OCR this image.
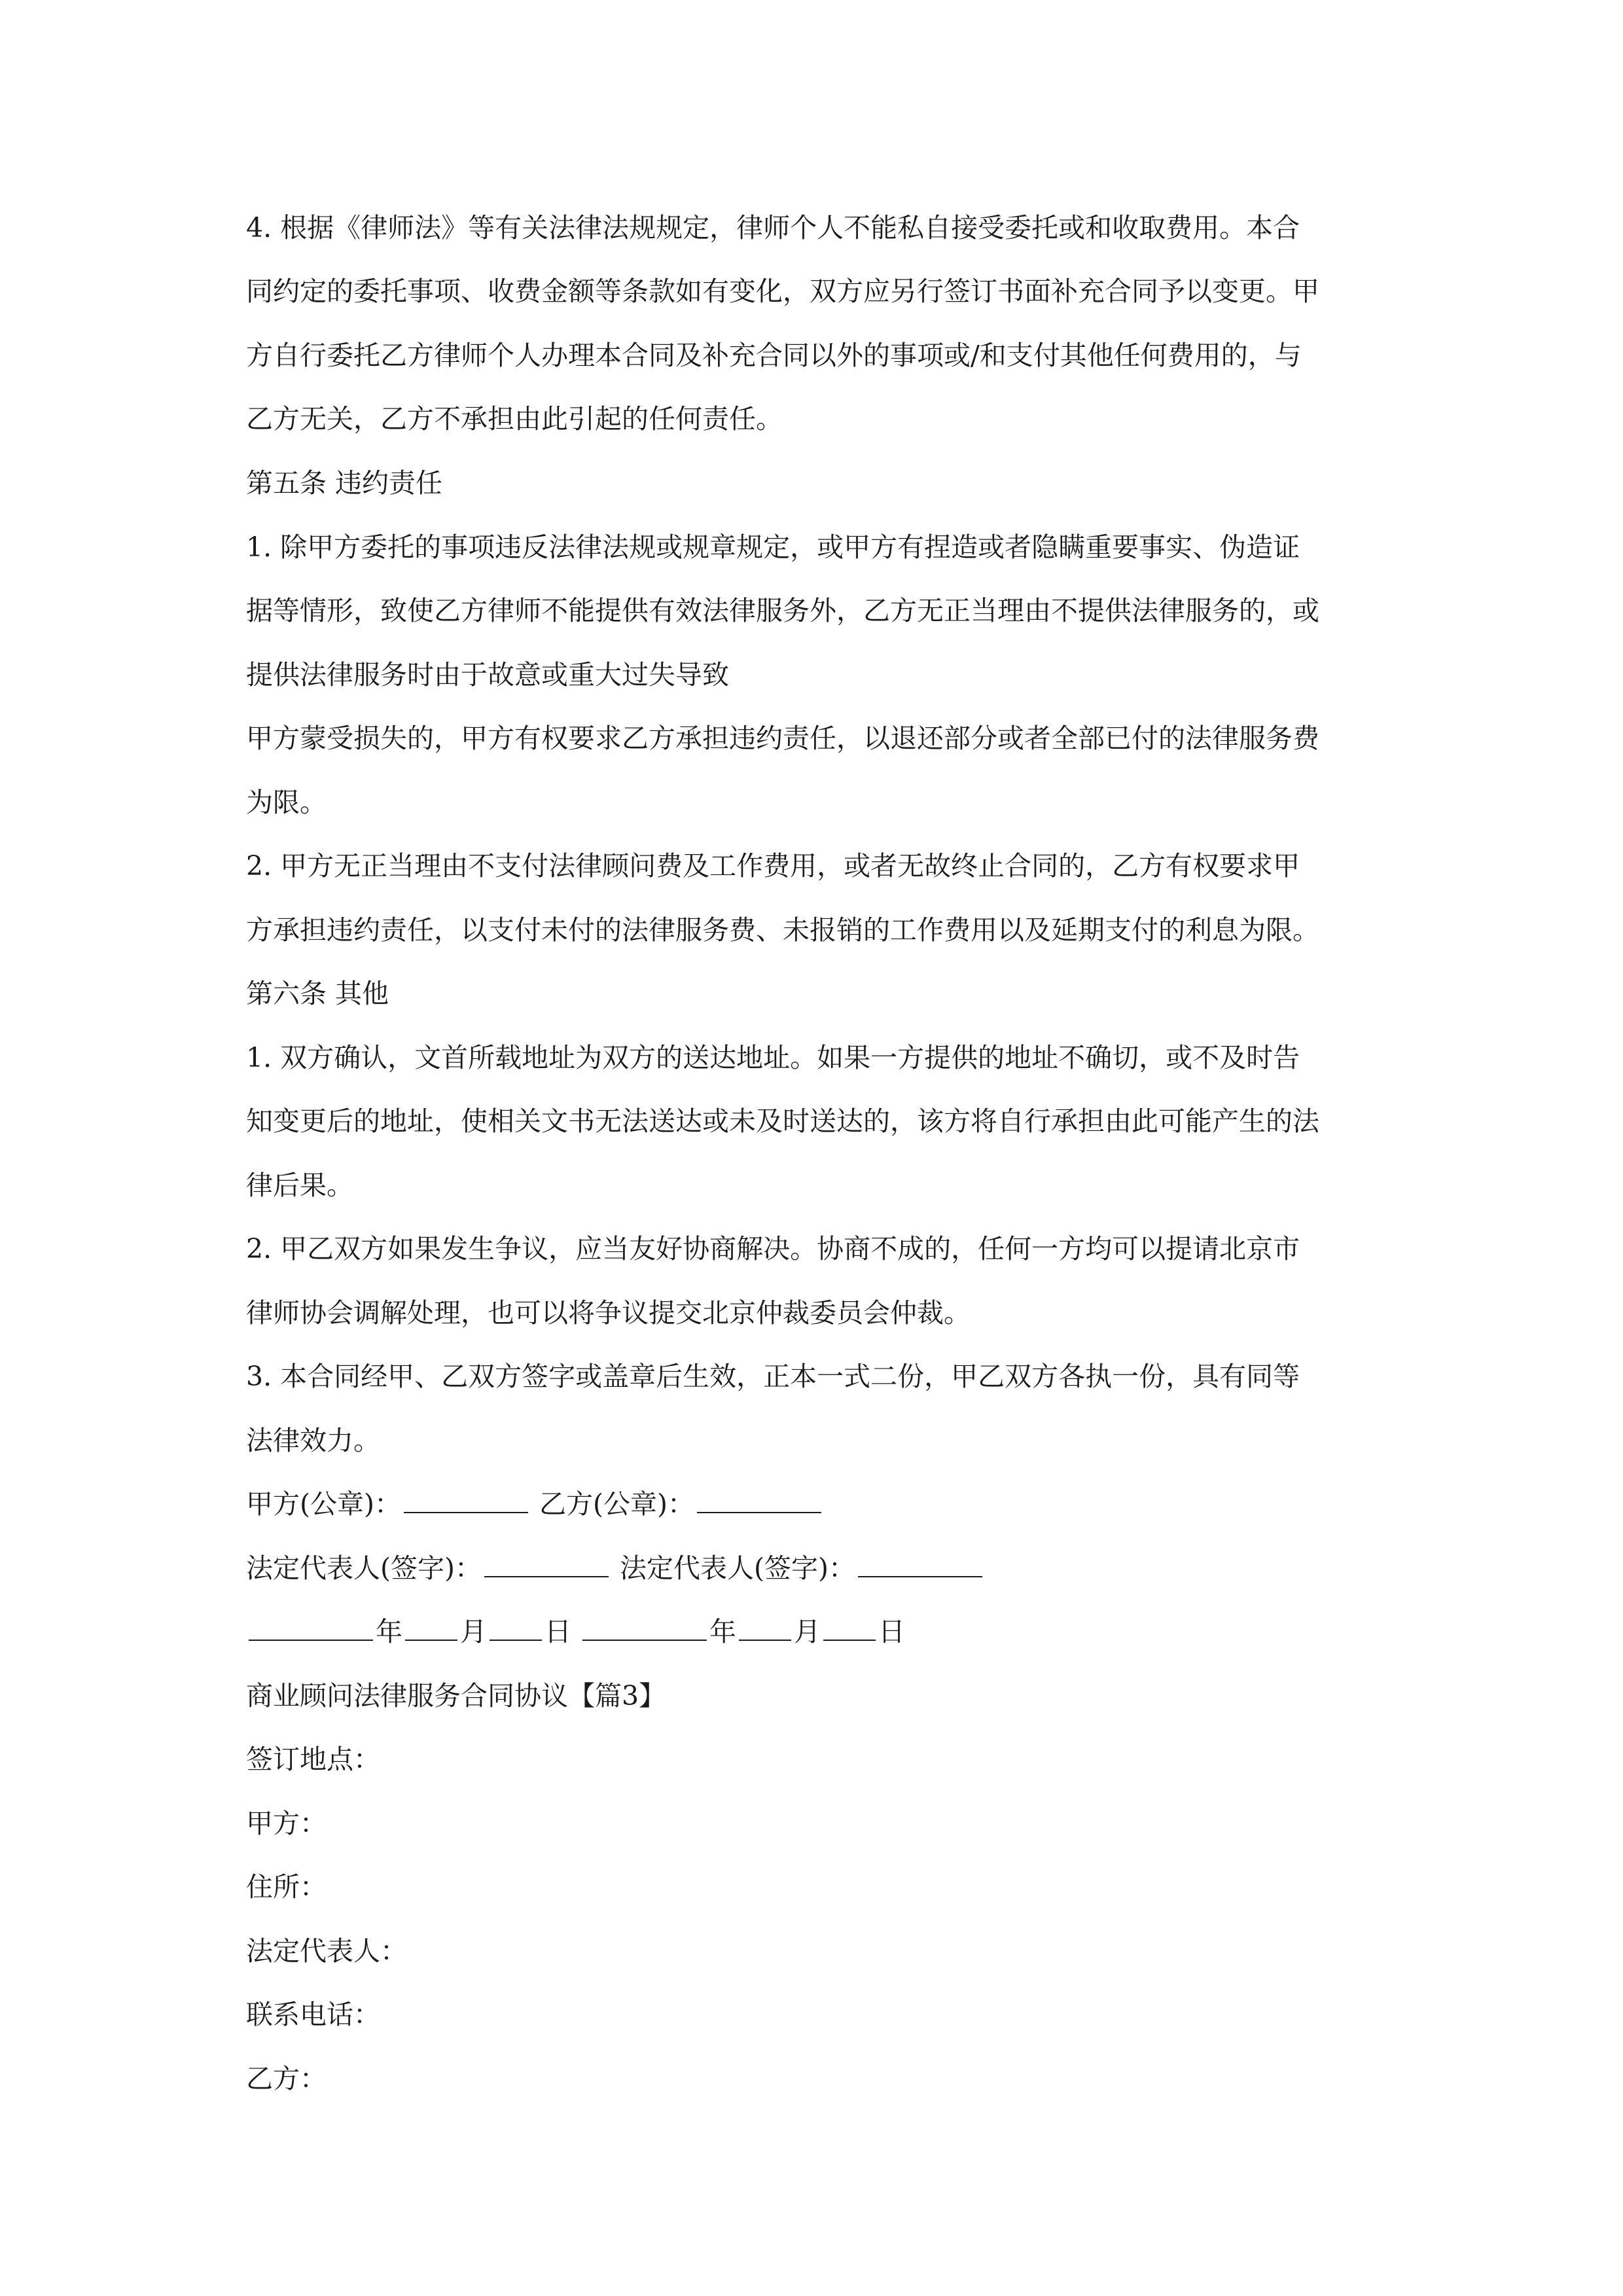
4. 根据《律师法》等有关法律法规规定，律师个人不能私自接受委托或和收取费用。本合
同约定的委托事项、收费金额等条款如有变化，双方应另行签订书面补充合同予以变更。甲
方自行委托乙方律师个人办理本合同及补充合同以外的事项或/和支付其他任何费用的，与
乙方无关，乙方不承担由此引起的任何责任。
第五条 违约责任
1. 除甲方委托的事项违反法律法规或规章规定，或甲方有捏造或者隐瞒重要事实、伪造证
据等情形，致使乙方律师不能提供有效法律服务外，乙方无正当理由不提供法律服务的，或
提供法律服务时由于故意或重大过失导致
甲方蒙受损失的，甲方有权要求乙方承担违约责任，以退还部分或者全部已付的法律服务费
为限。
2. 甲方无正当理由不支付法律顾问费及工作费用，或者无故终止合同的，乙方有权要求甲
方承担违约责任，以支付未付的法律服务费、未报销的工作费用以及延期支付的利息为限。
第六条 其他
1. 双方确认，文首所载地址为双方的送达地址。如果一方提供的地址不确切，或不及时告
知变更后的地址，使相关文书无法送达或未及时送达的，该方将自行承担由此可能产生的法
律后果。
2. 甲乙双方如果发生争议，应当友好协商解决。协商不成的，任何一方均可以提请北京市
律师协会调解处理，也可以将争议提交北京仲裁委员会仲裁。
3. 本合同经甲、乙双方签字或盖章后生效，正本一式二份，甲乙双方各执一份，具有同等
法律效力。
甲方(公章)：	乙方(公章)：
法定代表人(签字)：	法定代表人(签字)：
年 月 日	年 月 日
商业顾问法律服务合同协议【篇3】
签订地点：
甲方：
住所：
法定代表人：
联系电话：
乙方：
